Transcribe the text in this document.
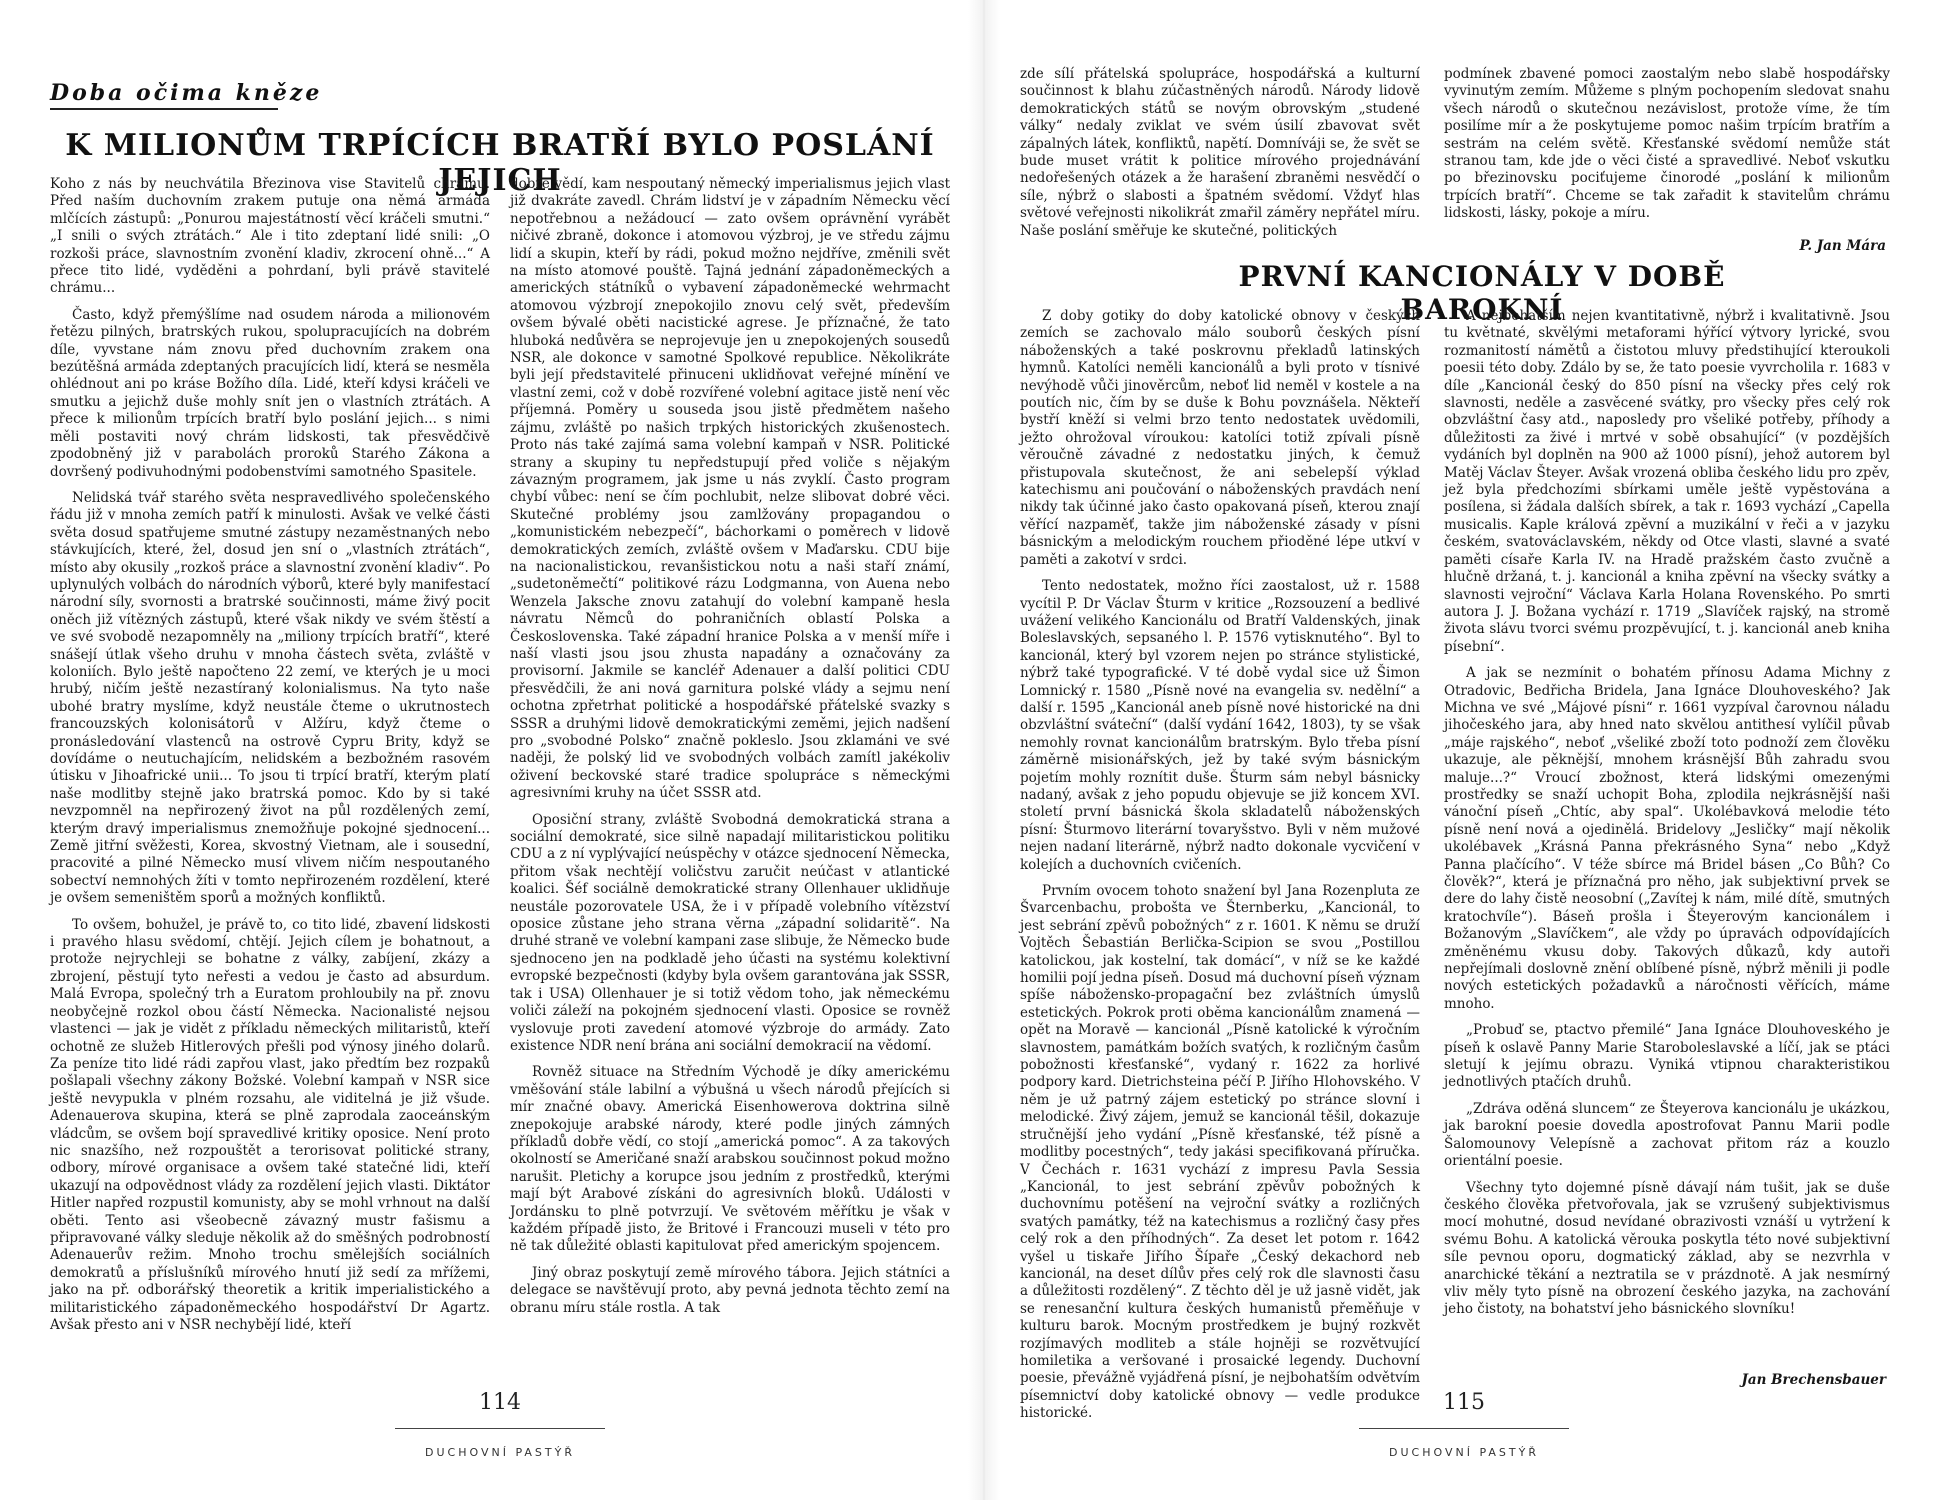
Doba očima kněze
K MILIONŮM TRPÍCÍCH BRATŘÍ BYLO POSLÁNÍ JEJICH

Koho z nás by neuchvátila Březinova vise Stavitelů chrámu. Před naším duchovním zrakem putuje ona němá armáda mlčících zástupů: „Ponurou majestátností věcí kráčeli smutni.“ „I snili o svých ztrátách.“ Ale i tito zdeptaní lidé snili: „O rozkoši práce, slavnostním zvonění kladiv, zkrocení ohně...“ A přece tito lidé, vyděděni a pohrdaní, byli právě stavitelé chrámu...

Často, když přemýšlíme nad osudem národa a milionovém řetězu pilných, bratrských rukou, spolupracujících na dobrém díle, vyvstane nám znovu před duchovním zrakem ona bezútěšná armáda zdeptaných pracujících lidí, která se nesměla ohlédnout ani po kráse Božího díla. Lidé, kteří kdysi kráčeli ve smutku a jejichž duše mohly snít jen o vlastních ztrátách. A přece k milionům trpících bratří bylo poslání jejich... s nimi měli postaviti nový chrám lidskosti, tak přesvědčivě zpodobněný již v parabolách proroků Starého Zákona a dovršený podivuhodnými podobenstvími samotného Spasitele.

Nelidská tvář starého světa nespravedlivého společenského řádu již v mnoha zemích patří k minulosti. Avšak ve velké části světa dosud spatřujeme smutné zástupy nezaměstnaných nebo stávkujících, které, žel, dosud jen sní o „vlastních ztrátách“, místo aby okusily „rozkoš práce a slavnostní zvonění kladiv“. Po uplynulých volbách do národních výborů, které byly manifestací národní síly, svornosti a bratrské součinnosti, máme živý pocit oněch již vítězných zástupů, které však nikdy ve svém štěstí a ve své svobodě nezapomněly na „miliony trpících bratří“, které snášejí útlak všeho druhu v mnoha částech světa, zvláště v koloniích. Bylo ještě napočteno 22 zemí, ve kterých je u moci hrubý, ničím ještě nezastíraný kolonialismus. Na tyto naše ubohé bratry myslíme, když neustále čteme o ukrutnostech francouzských kolonisátorů v Alžíru, když čteme o pronásledování vlastenců na ostrově Cypru Brity, když se dovídáme o neutuchajícím, nelidském a bezbožném rasovém útisku v Jihoafrické unii... To jsou ti trpící bratří, kterým platí naše modlitby stejně jako bratrská pomoc. Kdo by si také nevzpomněl na nepřirozený život na půl rozdělených zemí, kterým dravý imperialismus znemožňuje pokojné sjednocení... Země jitřní svěžesti, Korea, skvostný Vietnam, ale i sousední, pracovité a pilné Německo musí vlivem ničím nespoutaného sobectví nemnohých žíti v tomto nepřirozeném rozdělení, které je ovšem semeništěm sporů a možných konfliktů.

To ovšem, bohužel, je právě to, co tito lidé, zbavení lidskosti i pravého hlasu svědomí, chtějí. Jejich cílem je bohatnout, a protože nejrychleji se bohatne z války, zabíjení, zkázy a zbrojení, pěstují tyto neřesti a vedou je často ad absurdum. Malá Evropa, společný trh a Euratom prohloubily na př. znovu neobyčejně rozkol obou částí Německa. Nacionalisté nejsou vlastenci — jak je vidět z příkladu německých militaristů, kteří ochotně ze služeb Hitlerových přešli pod výnosy jiného dolarů. Za peníze tito lidé rádi zapřou vlast, jako předtím bez rozpaků pošlapali všechny zákony Božské. Volební kampaň v NSR sice ještě nevypukla v plném rozsahu, ale viditelná je již všude. Adenauerova skupina, která se plně zaprodala zaoceánským vládcům, se ovšem bojí spravedlivé kritiky oposice. Není proto nic snazšího, než rozpouštět a terorisovat politické strany, odbory, mírové organisace a ovšem také statečné lidi, kteří ukazují na odpovědnost vlády za rozdělení jejich vlasti. Diktátor Hitler napřed rozpustil komunisty, aby se mohl vrhnout na další oběti. Tento asi všeobecně závazný mustr fašismu a připravované války sleduje několik až do směšných podrobností Adenauerův režim. Mnoho trochu smělejších sociálních demokratů a příslušníků mírového hnutí již sedí za mřížemi, jako na př. odborářský theoretik a kritik imperialistického a militaristického západoněmeckého hospodářství Dr Agartz. Avšak přesto ani v NSR nechybějí lidé, kteří

dobře vědí, kam nespoutaný německý imperialismus jejich vlast již dvakráte zavedl. Chrám lidství je v západním Německu věcí nepotřebnou a nežádoucí — zato ovšem oprávnění vyrábět ničivé zbraně, dokonce i atomovou výzbroj, je ve středu zájmu lidí a skupin, kteří by rádi, pokud možno nejdříve, změnili svět na místo atomové pouště. Tajná jednání západoněmeckých a amerických státníků o vybavení západoněmecké wehrmacht atomovou výzbrojí znepokojilo znovu celý svět, především ovšem bývalé oběti nacistické agrese. Je příznačné, že tato hluboká nedůvěra se neprojevuje jen u znepokojených sousedů NSR, ale dokonce v samotné Spolkové republice. Několikráte byli její představitelé přinuceni uklidňovat veřejné mínění ve vlastní zemi, což v době rozvířené volební agitace jistě není věc příjemná. Poměry u souseda jsou jistě předmětem našeho zájmu, zvláště po našich trpkých historických zkušenostech. Proto nás také zajímá sama volební kampaň v NSR. Politické strany a skupiny tu nepředstupují před voliče s nějakým závazným programem, jak jsme u nás zvyklí. Často program chybí vůbec: není se čím pochlubit, nelze slibovat dobré věci. Skutečné problémy jsou zamlžovány propagandou o „komunistickém nebezpečí“, báchorkami o poměrech v lidově demokratických zemích, zvláště ovšem v Maďarsku. CDU bije na nacionalistickou, revanšistickou notu a naši staří známí, „sudetoněmečtí“ politikové rázu Lodgmanna, von Auena nebo Wenzela Jaksche znovu zatahují do volební kampaně hesla návratu Němců do pohraničních oblastí Polska a Československa. Také západní hranice Polska a v menší míře i naší vlasti jsou jsou zhusta napadány a označovány za provisorní. Jakmile se kancléř Adenauer a další politici CDU přesvědčili, že ani nová garnitura polské vlády a sejmu není ochotna zpřetrhat politické a hospodářské přátelské svazky s SSSR a druhými lidově demokratickými zeměmi, jejich nadšení pro „svobodné Polsko“ značně pokleslo. Jsou zklamáni ve své naději, že polský lid ve svobodných volbách zamítl jakékoliv oživení beckovské staré tradice spolupráce s německými agresivními kruhy na účet SSSR atd.

Oposiční strany, zvláště Svobodná demokratická strana a sociální demokraté, sice silně napadají militaristickou politiku CDU a z ní vyplývající neúspěchy v otázce sjednocení Německa, přitom však nechtějí voličstvu zaručit neúčast v atlantické koalici. Šéf sociálně demokratické strany Ollenhauer uklidňuje neustále pozorovatele USA, že i v případě volebního vítězství oposice zůstane jeho strana věrna „západní solidaritě“. Na druhé straně ve volební kampani zase slibuje, že Německo bude sjednoceno jen na podkladě jeho účasti na systému kolektivní evropské bezpečnosti (kdyby byla ovšem garantována jak SSSR, tak i USA) Ollenhauer je si totiž vědom toho, jak německému voliči záleží na pokojném sjednocení vlasti. Oposice se rovněž vyslovuje proti zavedení atomové výzbroje do armády. Zato existence NDR není brána ani sociální demokracií na vědomí.

Rovněž situace na Středním Východě je díky americkému vměšování stále labilní a výbušná u všech národů přejících si mír značné obavy. Americká Eisenhowerova doktrina silně znepokojuje arabské národy, které podle jiných zámných příkladů dobře vědí, co stojí „americká pomoc“. A za takových okolností se Američané snaží arabskou součinnost pokud možno narušit. Pletichy a korupce jsou jedním z prostředků, kterými mají být Arabové získáni do agresivních bloků. Události v Jordánsku to plně potvrzují. Ve světovém měřítku je však v každém případě jisto, že Britové i Francouzi museli v této pro ně tak důležité oblasti kapitulovat před americkým spojencem.

Jiný obraz poskytují země mírového tábora. Jejich státníci a delegace se navštěvují proto, aby pevná jednota těchto zemí na obranu míru stále rostla. A tak

114
DUCHOVNÍ PASTÝŘ

zde sílí přátelská spolupráce, hospodářská a kulturní součinnost k blahu zúčastněných národů. Národy lidově demokratických států se novým obrovským „studené války“ nedaly zviklat ve svém úsilí zbavovat svět zápalných látek, konfliktů, napětí. Domníváji se, že svět se bude muset vrátit k politice mírového projednávání nedořešených otázek a že harašení zbraněmi nesvědčí o síle, nýbrž o slabosti a špatném svědomí. Vždyť hlas světové veřejnosti nikolikrát zmařil záměry nepřátel míru. Naše poslání směřuje ke skutečné, politických

podmínek zbavené pomoci zaostalým nebo slabě hospodářsky vyvinutým zemím. Můžeme s plným pochopením sledovat snahu všech národů o skutečnou nezávislost, protože víme, že tím posilíme mír a že poskytujeme pomoc našim trpícím bratřím a sestrám na celém světě. Křesťanské svědomí nemůže stát stranou tam, kde jde o věci čisté a spravedlivé. Neboť vskutku po březinovsku pociťujeme činorodé „poslání k milionům trpících bratří“. Chceme se tak zařadit k stavitelům chrámu lidskosti, lásky, pokoje a míru.

P. Jan Mára
PRVNÍ KANCIONÁLY V DOBĚ BAROKNÍ

Z doby gotiky do doby katolické obnovy v českých zemích se zachovalo málo souborů českých písní náboženských a také poskrovnu překladů latinských hymnů. Katolíci neměli kancionálů a byli proto v tísnivé nevýhodě vůči jinověrcům, neboť lid neměl v kostele a na poutích nic, čím by se duše k Bohu povznášela. Někteří bystří kněží si velmi brzo tento nedostatek uvědomili, ježto ohrožoval víroukou: katolíci totiž zpívali písně věroučně závadné z nedostatku jiných, k čemuž přistupovala skutečnost, že ani sebelepší výklad katechismu ani poučování o náboženských pravdách není nikdy tak účinné jako často opakovaná píseň, kterou znají věřící nazpaměť, takže jim náboženské zásady v písni básnickým a melodickým rouchem přioděné lépe utkví v paměti a zakotví v srdci.

Tento nedostatek, možno říci zaostalost, už r. 1588 vycítil P. Dr Václav Šturm v kritice „Rozsouzení a bedlivé uvážení velikého Kancionálu od Bratří Valdenských, jinak Boleslavských, sepsaného l. P. 1576 vytisknutého“. Byl to kancionál, který byl vzorem nejen po stránce stylistické, nýbrž také typografické. V té době vydal sice už Šimon Lomnický r. 1580 „Písně nové na evangelia sv. nedělní“ a další r. 1595 „Kancionál aneb písně nové historické na dni obzvláštní sváteční“ (další vydání 1642, 1803), ty se však nemohly rovnat kancionálům bratrským. Bylo třeba písní záměrně misionářských, jež by také svým básnickým pojetím mohly roznítit duše. Šturm sám nebyl básnicky nadaný, avšak z jeho popudu objevuje se již koncem XVI. století první básnická škola skladatelů náboženských písní: Šturmovo literární tovaryšstvo. Byli v něm mužové nejen nadaní literárně, nýbrž nadto dokonale vycvičení v kolejích a duchovních cvičeních.

Prvním ovocem tohoto snažení byl Jana Rozenpluta ze Švarcenbachu, probošta ve Šternberku, „Kancionál, to jest sebrání zpěvů pobožných“ z r. 1601. K němu se druží Vojtěch Šebastián Berlička-Scipion se svou „Postillou katolickou, jak kostelní, tak domácí“, v níž se ke každé homilii pojí jedna píseň. Dosud má duchovní píseň význam spíše nábožensko-propagační bez zvláštních úmyslů estetických. Pokrok proti oběma kancionálům znamená — opět na Moravě — kancionál „Písně katolické k výročním slavnostem, památkám božích svatých, k rozličným časům pobožnosti křesťanské“, vydaný r. 1622 za horlivé podpory kard. Dietrichsteina péčí P. Jiřího Hlohovského. V něm je už patrný zájem estetický po stránce slovní i melodické. Živý zájem, jemuž se kancionál těšil, dokazuje stručnější jeho vydání „Písně křesťanské, též písně a modlitby pocestných“, tedy jakási specifikovaná příručka. V Čechách r. 1631 vychází z impresu Pavla Sessia „Kancionál, to jest sebrání zpěvův pobožných k duchovnímu potěšení na vejroční svátky a rozličných svatých památky, též na katechismus a rozličný časy přes celý rok a den příhodných“. Za deset let potom r. 1642 vyšel u tiskaře Jiřího Šípaře „Český dekachord neb kancionál, na deset dílův přes celý rok dle slavnosti času a důležitosti rozdělený“. Z těchto děl je už jasně vidět, jak se renesanční kultura českých humanistů přeměňuje v kulturu barok. Mocným prostředkem je bujný rozkvět rozjímavých modliteb a stále hojněji se rozvětvující homiletika a veršované i prosaické legendy. Duchovní poesie, převážně vyjádřená písní, je nejbohatším odvětvím písemnictví doby katolické obnovy — vedle produkce historické.

A nejbohatším nejen kvantitativně, nýbrž i kvalitativně. Jsou tu květnaté, skvělými metaforami hýřící výtvory lyrické, svou rozmanitostí námětů a čistotou mluvy předstihující kteroukoli poesii této doby. Zdálo by se, že tato poesie vyvrcholila r. 1683 v díle „Kancionál český do 850 písní na všecky přes celý rok slavnosti, neděle a zasvěcené svátky, pro všecky přes celý rok obzvláštní časy atd., naposledy pro všeliké potřeby, příhody a důležitosti za živé i mrtvé v sobě obsahující“ (v pozdějších vydáních byl doplněn na 900 až 1000 písní), jehož autorem byl Matěj Václav Šteyer. Avšak vrozená obliba českého lidu pro zpěv, jež byla předchozími sbírkami uměle ještě vypěstována a posílena, si žádala dalších sbírek, a tak r. 1693 vychází „Capella musicalis. Kaple králová zpěvní a muzikální v řeči a v jazyku českém, svatováclavském, někdy od Otce vlasti, slavné a svaté paměti císaře Karla IV. na Hradě pražském často zvučně a hlučně držaná, t. j. kancionál a kniha zpěvní na všecky svátky a slavnosti vejroční“ Václava Karla Holana Rovenského. Po smrti autora J. J. Božana vychází r. 1719 „Slavíček rajský, na stromě života slávu tvorci svému prozpěvující, t. j. kancionál aneb kniha písební“.

A jak se nezmínit o bohatém přínosu Adama Michny z Otradovic, Bedřicha Bridela, Jana Ignáce Dlouhoveského? Jak Michna ve své „Májové písni“ r. 1661 vyzpíval čarovnou náladu jihočeského jara, aby hned nato skvělou antithesí vylíčil půvab „máje rajského“, neboť „všeliké zboží toto podnoží zem člověku ukazuje, ale pěknější, mnohem krásnější Bůh zahradu svou maluje...?“ Vroucí zbožnost, která lidskými omezenými prostředky se snaží uchopit Boha, zplodila nejkrásnější naši vánoční píseň „Chtíc, aby spal“. Ukolébavková melodie této písně není nová a ojedinělá. Bridelovy „Jesličky“ mají několik ukolébavek „Krásná Panna překrásného Syna“ nebo „Když Panna plačícího“. V téže sbírce má Bridel básen „Co Bůh? Co člověk?“, která je příznačná pro něho, jak subjektivní prvek se dere do lahy čistě neosobní („Zavítej k nám, milé dítě, smutných kratochvíle“). Báseň prošla i Šteyerovým kancionálem i Božanovým „Slavíčkem“, ale vždy po úpravách odpovídajících změněnému vkusu doby. Takových důkazů, kdy autoři nepřejímali doslovně znění oblíbené písně, nýbrž měnili ji podle nových estetických požadavků a náročnosti věřících, máme mnoho.

„Probuď se, ptactvo přemilé“ Jana Ignáce Dlouhoveského je píseň k oslavě Panny Marie Staroboleslavské a líčí, jak se ptáci sletují k jejímu obrazu. Vyniká vtipnou charakteristikou jednotlivých ptačích druhů.

„Zdrávа oděná sluncem“ ze Šteyerova kancionálu je ukázkou, jak barokní poesie dovedla apostrofovat Pannu Marii podle Šalomounovy Velepísně a zachovat přitom ráz a kouzlo orientální poesie.

Všechny tyto dojemné písně dávají nám tušit, jak se duše českého člověka přetvořovala, jak se vzrušený subjektivismus mocí mohutné, dosud nevídané obrazivosti vznáší u vytržení k svému Bohu. A katolická věrouka poskytla této nové subjektivní síle pevnou oporu, dogmatický základ, aby se nezvrhla v anarchické těkání a neztratila se v prázdnotě. A jak nesmírný vliv měly tyto písně na obrození českého jazyka, na zachování jeho čistoty, na bohatství jeho básnického slovníku!

Jan Brechensbauer
115
DUCHOVNÍ PASTÝŘ
